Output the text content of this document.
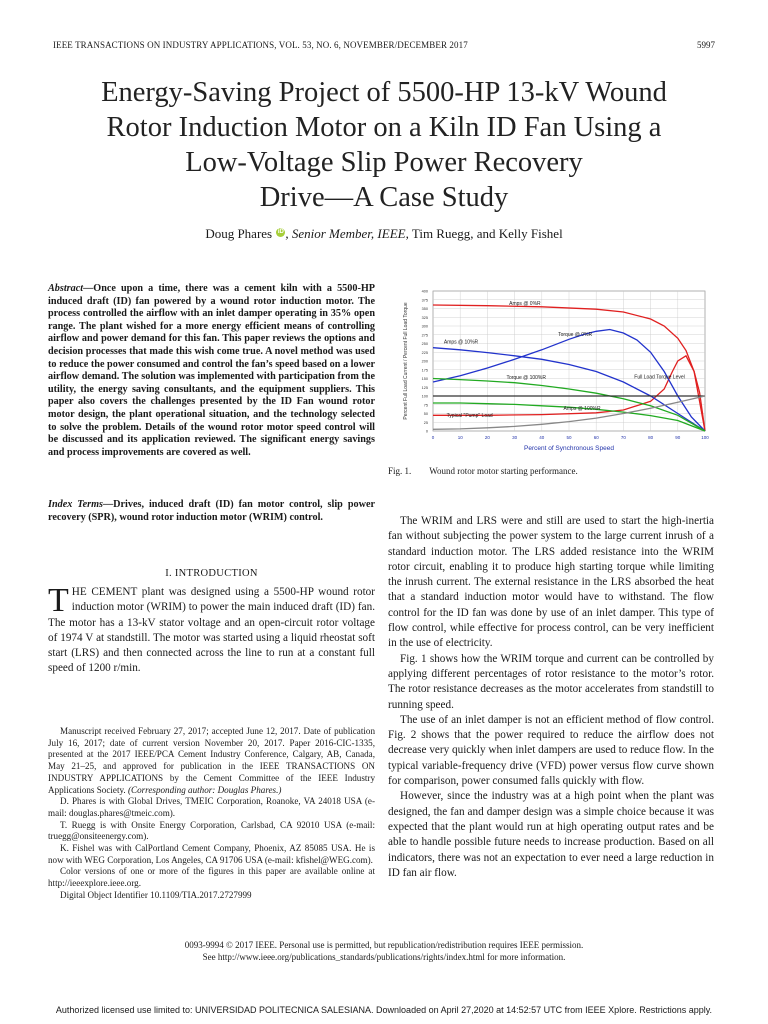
IEEE TRANSACTIONS ON INDUSTRY APPLICATIONS, VOL. 53, NO. 6, NOVEMBER/DECEMBER 2017	5997
Energy-Saving Project of 5500-HP 13-kV Wound
Rotor Induction Motor on a Kiln ID Fan Using a
Low-Voltage Slip Power Recovery
Drive—A Case Study
Doug Phares iD , Senior Member, IEEE, Tim Ruegg, and Kelly Fishel
Abstract—Once upon a time, there was a cement kiln with a 5500-HP induced draft (ID) fan powered by a wound rotor induction motor. The process controlled the airflow with an inlet damper operating in 35% open range. The plant wished for a more energy efficient means of controlling airflow and power demand for this fan. This paper reviews the options and decision processes that made this wish come true. A novel method was used to reduce the power consumed and control the fan’s speed based on a lower airflow demand. The solution was implemented with participation from the utility, the energy saving consultants, and the equipment suppliers. This paper also covers the challenges presented by the ID Fan wound rotor motor design, the plant operational situation, and the technology selected to solve the problem. Details of the wound rotor motor speed control will be discussed and its application reviewed. The significant energy savings and process improvements are covered as well.
Index Terms—Drives, induced draft (ID) fan motor control, slip power recovery (SPR), wound rotor induction motor (WRIM) control.
I. INTRODUCTION
THE CEMENT plant was designed using a 5500-HP wound rotor induction motor (WRIM) to power the main induced draft (ID) fan. The motor has a 13-kV stator voltage and an open-circuit rotor voltage of 1974 V at standstill. The motor was started using a liquid rheostat soft start (LRS) and then connected across the line to run at a constant full speed of 1200 r/min.

Manuscript received February 27, 2017; accepted June 12, 2017. Date of publication July 16, 2017; date of current version November 20, 2017. Paper 2016-CIC-1335, presented at the 2017 IEEE/PCA Cement Industry Conference, Calgary, AB, Canada, May 21–25, and approved for publication in the IEEE TRANSACTIONS ON INDUSTRY APPLICATIONS by the Cement Committee of the IEEE Industry Applications Society. (Corresponding author: Douglas Phares.)

D. Phares is with Global Drives, TMEIC Corporation, Roanoke, VA 24018 USA (e-mail: douglas.phares@tmeic.com).

T. Ruegg is with Onsite Energy Corporation, Carlsbad, CA 92010 USA (e-mail: truegg@onsiteenergy.com).

K. Fishel was with CalPortland Cement Company, Phoenix, AZ 85085 USA. He is now with WEG Corporation, Los Angeles, CA 91706 USA (e-mail: kfishel@WEG.com).

Color versions of one or more of the figures in this paper are available online at http://ieeexplore.ieee.org.

Digital Object Identifier 10.1109/TIA.2017.2727999

0	10	20	30	40	50	60	70	80	90	100
0
25
50
75
100
125
150
175
200
225
250
275
300
325
350
375
400
Amps @ 0%R
Torque @ 0%R
Amps @ 10%R
Torque @ 100%R	Full Load Torque Level
Amps @ 100%R
Typical "Pump" Load
Percent of Synchronous Speed
Percent Full Load Current / Percent Full Load Torque
Fig. 1.  Wound rotor motor starting performance.

The WRIM and LRS were and still are used to start the high-inertia fan without subjecting the power system to the large current inrush of a standard induction motor. The LRS added resistance into the WRIM rotor circuit, enabling it to produce high starting torque while limiting the inrush current. The external resistance in the LRS absorbed the heat that a standard induction motor would have to withstand. The flow control for the ID fan was done by use of an inlet damper. This type of flow control, while effective for process control, can be very inefficient in the use of electricity.

Fig. 1 shows how the WRIM torque and current can be controlled by applying different percentages of rotor resistance to the motor’s rotor. The rotor resistance decreases as the motor accelerates from standstill to running speed.

The use of an inlet damper is not an efficient method of flow control. Fig. 2 shows that the power required to reduce the airflow does not decrease very quickly when inlet dampers are used to reduce flow. In the typical variable-frequency drive (VFD) power versus flow curve shown for comparison, power consumed falls quickly with flow.

However, since the industry was at a high point when the plant was designed, the fan and damper design was a simple choice because it was expected that the plant would run at high operating output rates and be able to handle possible future needs to increase production. Based on all indicators, there was not an expectation to ever need a large reduction in ID fan air flow.

0093-9994 © 2017 IEEE. Personal use is permitted, but republication/redistribution requires IEEE permission.
See http://www.ieee.org/publications_standards/publications/rights/index.html for more information.
Authorized licensed use limited to: UNIVERSIDAD POLITECNICA SALESIANA. Downloaded on April 27,2020 at 14:52:57 UTC from IEEE Xplore. Restrictions apply.
